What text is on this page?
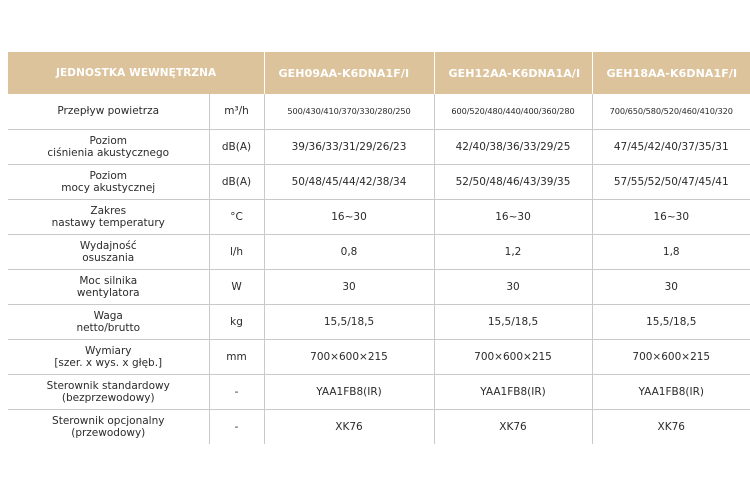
JEDNOSTKA WEWNĘTRZNA		GEH09AA-K6DNA1F/I	GEH12AA-K6DNA1A/I	GEH18AA-K6DNA1F/I
Przepływ powietrza	m³/h	500/430/410/370/330/280/250	600/520/480/440/400/360/280	700/650/580/520/460/410/320
Poziom
ciśnienia akustycznego	dB(A)	39/36/33/31/29/26/23	42/40/38/36/33/29/25	47/45/42/40/37/35/31
Poziom
mocy akustycznej	dB(A)	50/48/45/44/42/38/34	52/50/48/46/43/39/35	57/55/52/50/47/45/41
Zakres
nastawy temperatury	°C	16~30	16~30	16~30
Wydajność
osuszania	l/h	0,8	1,2	1,8
Moc silnika
wentylatora	W	30	30	30
Waga
netto/brutto	kg	15,5/18,5	15,5/18,5	15,5/18,5
Wymiary
[szer. x wys. x głęb.]	mm	700×600×215	700×600×215	700×600×215
Sterownik standardowy
(bezprzewodowy)	-	YAA1FB8(IR)	YAA1FB8(IR)	YAA1FB8(IR)
Sterownik opcjonalny
(przewodowy)	-	XK76	XK76	XK76
